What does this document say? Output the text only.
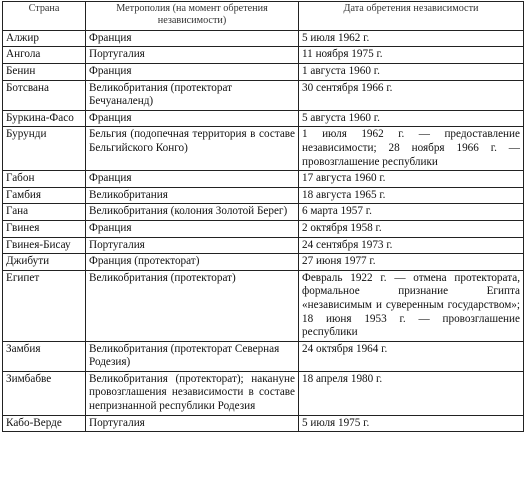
Страна	Метрополия (на момент обретения независимости)	Дата обретения независимости
Алжир	Франция	5 июля 1962 г.
Ангола	Португалия	11 ноября 1975 г.
Бенин	Франция	1 августа 1960 г.
Ботсвана	Великобритания (протекторат Бечуаналенд)	30 сентября 1966 г.
Буркина-Фасо	Франция	5 августа 1960 г.
Бурунди	Бельгия (подопечная территория в составе Бельгийского Конго)	1 июля 1962 г. — предоставление независимости; 28 ноября 1966 г. — провозглашение республики
Габон	Франция	17 августа 1960 г.
Гамбия	Великобритания	18 августа 1965 г.
Гана	Великобритания (колония Золотой Берег)	6 марта 1957 г.
Гвинея	Франция	2 октября 1958 г.
Гвинея-Бисау	Португалия	24 сентября 1973 г.
Джибути	Франция (протекторат)	27 июня 1977 г.
Египет	Великобритания (протекторат)	Февраль 1922 г. — отмена протектората, формальное признание Египта «независимым и суверенным государством»; 18 июня 1953 г. — провозглашение республики
Замбия	Великобритания (протекторат Северная Родезия)	24 октября 1964 г.
Зимбабве	Великобритания (протекторат); накануне провозглашения независимости в составе непризнанной республики Родезия	18 апреля 1980 г.
Кабо-Верде	Португалия	5 июля 1975 г.
